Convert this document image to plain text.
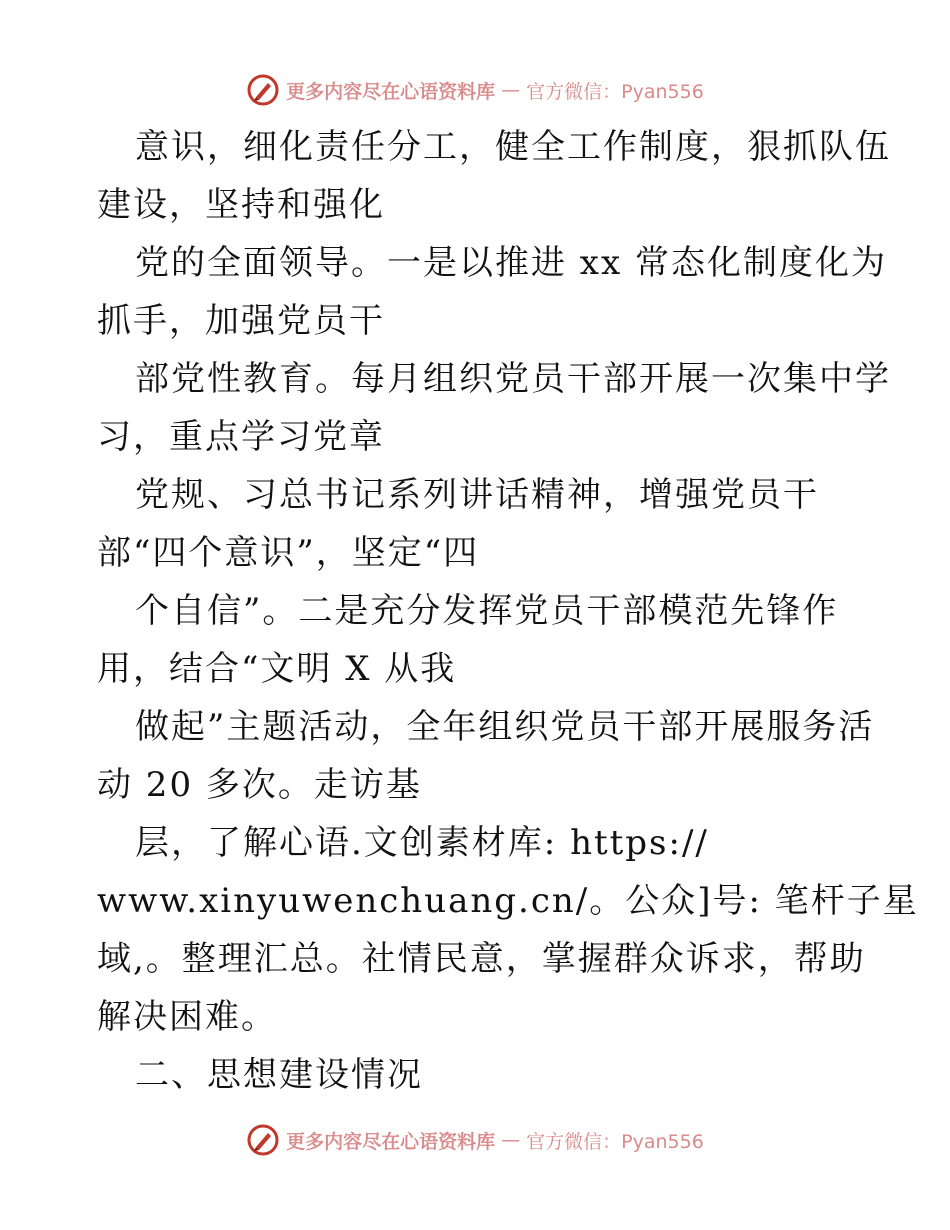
更多内容尽在心语资料库 — 官方微信：Pyan556
意识，细化责任分工，健全工作制度，狠抓队伍
建设，坚持和强化
党的全面领导。一是以推进 xx 常态化制度化为
抓手，加强党员干
部党性教育。每月组织党员干部开展一次集中学
习，重点学习党章
党规、习总书记系列讲话精神，增强党员干
部“四个意识”，坚定“四
个自信”。二是充分发挥党员干部模范先锋作
用，结合“文明 X 从我
做起”主题活动，全年组织党员干部开展服务活
动 20 多次。走访基
层，了解心语.文创素材库: https://
www.xinyuwenchuang.cn/。公众]号: 笔杆子星
域,。整理汇总。社情民意，掌握群众诉求，帮助
解决困难。
二、思想建设情况
更多内容尽在心语资料库 — 官方微信：Pyan556
